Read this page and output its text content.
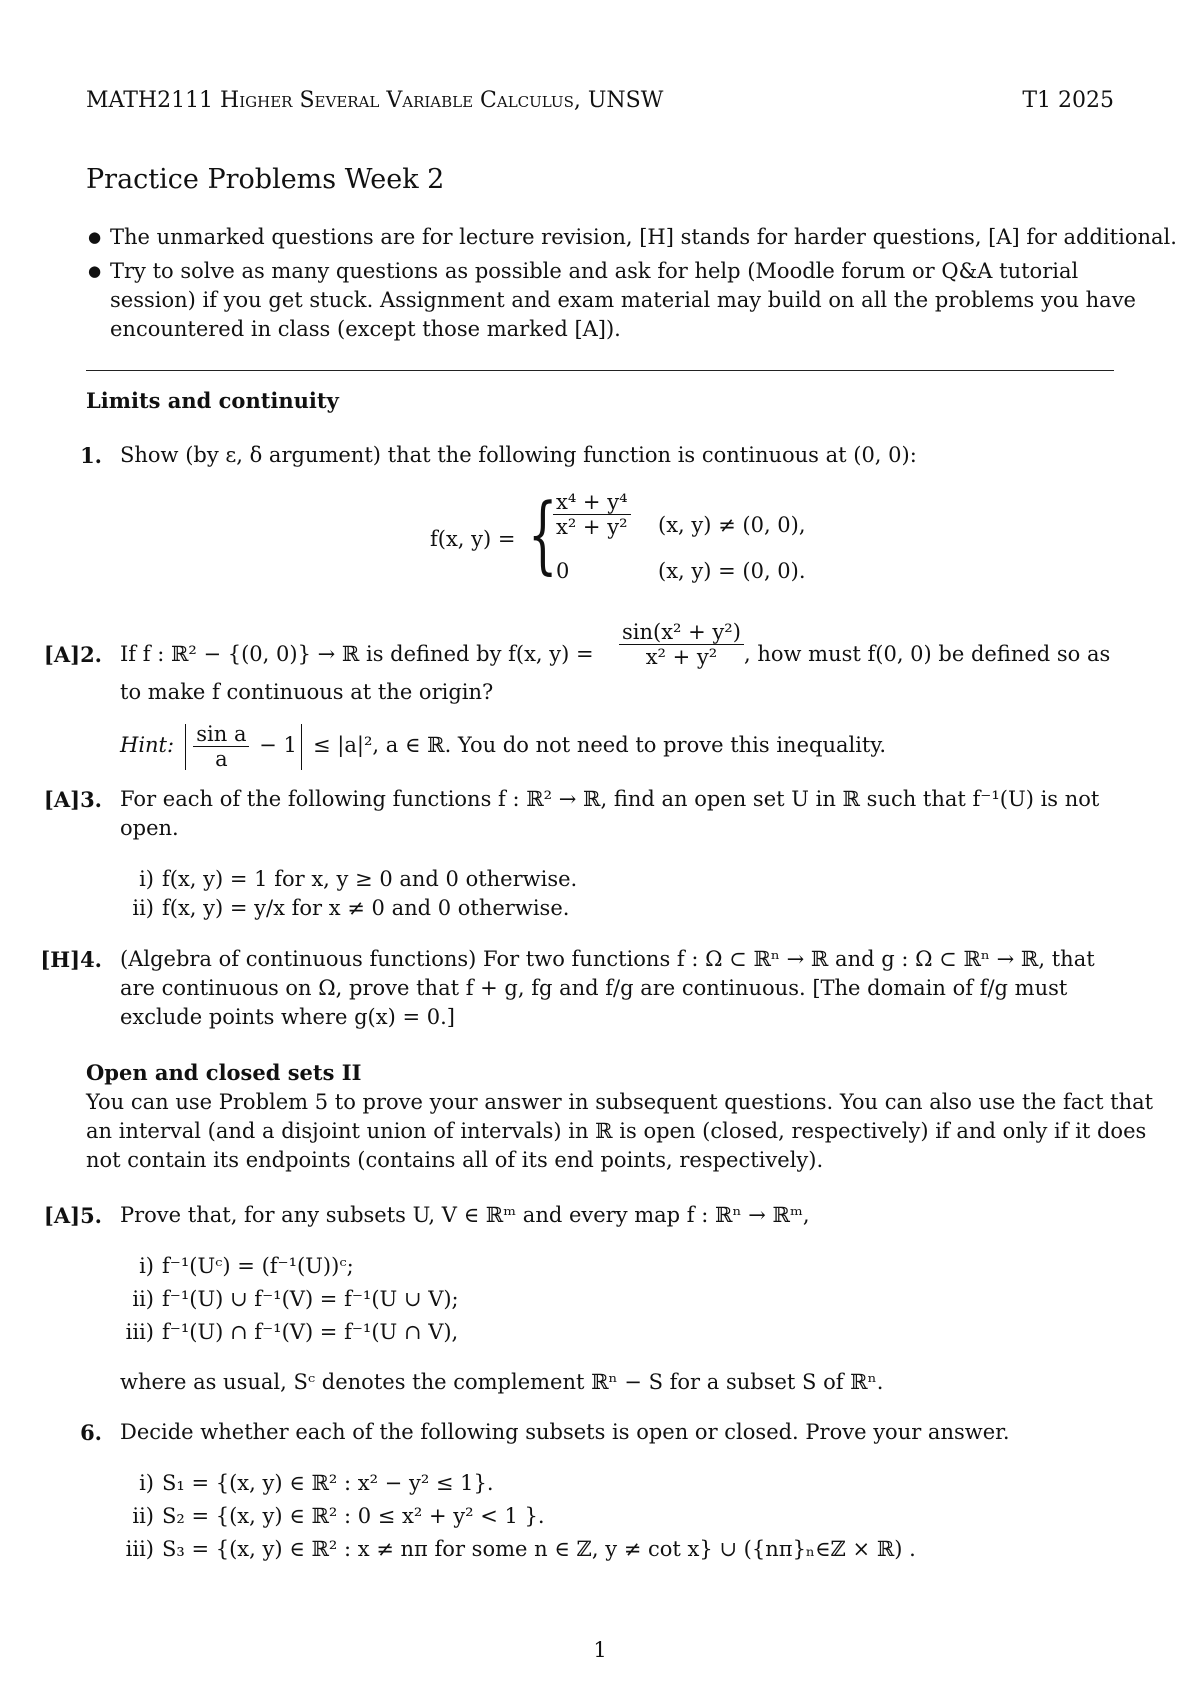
MATH2111 Higher Several Variable Calculus, UNSW	T1 2025
Practice Problems Week 2
● The unmarked questions are for lecture revision, [H] stands for harder questions, [A] for additional.
● Try to solve as many questions as possible and ask for help (Moodle forum or Q&A tutorial
session) if you get stuck. Assignment and exam material may build on all the problems you have
encountered in class (except those marked [A]).
Limits and continuity
1. Show (by ε, δ argument) that the following function is continuous at (0, 0):
f(x, y) = {
$\frac{\text{x⁴ + y⁴}}{\text{x² + y²}} (x$, y) ≠ (0, 0),
0	(x, y) = (0, 0).
[A]2. If f : ℝ² − {(0, 0)} → ℝ is defined by f(x, $y) = \frac{\text{sin(x² + y²)}}{\text{x² + y²}}$ , how must f(0, 0) be defined so as
to make f continuous at the origin?
Hint: $\frac{\text{sin a}}{a} - 1 \le |a|^2$, a ∈ ℝ. You do not need to prove this inequality.
[A]3. For each of the following functions f : ℝ² → ℝ, find an open set U in ℝ such that f⁻¹(U) is not
open.
i) f(x, y) = 1 for x, y ≥ 0 and 0 otherwise.
ii) f(x, y) = y/x for x ≠ 0 and 0 otherwise.
[H]4. (Algebra of continuous functions) For two functions f : Ω ⊂ ℝⁿ → ℝ and g : Ω ⊂ ℝⁿ → ℝ, that
are continuous on Ω, prove that f + g, fg and f/g are continuous. [The domain of f/g must
exclude points where g(x) = 0.]
Open and closed sets II
You can use Problem 5 to prove your answer in subsequent questions. You can also use the fact that
an interval (and a disjoint union of intervals) in ℝ is open (closed, respectively) if and only if it does
not contain its endpoints (contains all of its end points, respectively).
[A]5. Prove that, for any subsets U, V ∈ ℝᵐ and every map f : ℝⁿ → ℝᵐ,
i) f⁻¹(Uᶜ) = (f⁻¹(U))ᶜ;
ii) f⁻¹(U) ∪ f⁻¹(V) = f⁻¹(U ∪ V);
iii) f⁻¹(U) ∩ f⁻¹(V) = f⁻¹(U ∩ V),
where as usual, Sᶜ denotes the complement ℝⁿ − S for a subset S of ℝⁿ.
6. Decide whether each of the following subsets is open or closed. Prove your answer.
i) S₁ = {(x, y) ∈ ℝ² : x² − y² ≤ 1}.
ii) S₂ = {(x, y) ∈ ℝ² : 0 ≤ x² + y² < 1 }.
iii) S₃ = {(x, y) ∈ ℝ² : x ≠ nπ for some n ∈ ℤ, y ≠ cot x} ∪ ({nπ}ₙ∈ℤ × ℝ) .
1
